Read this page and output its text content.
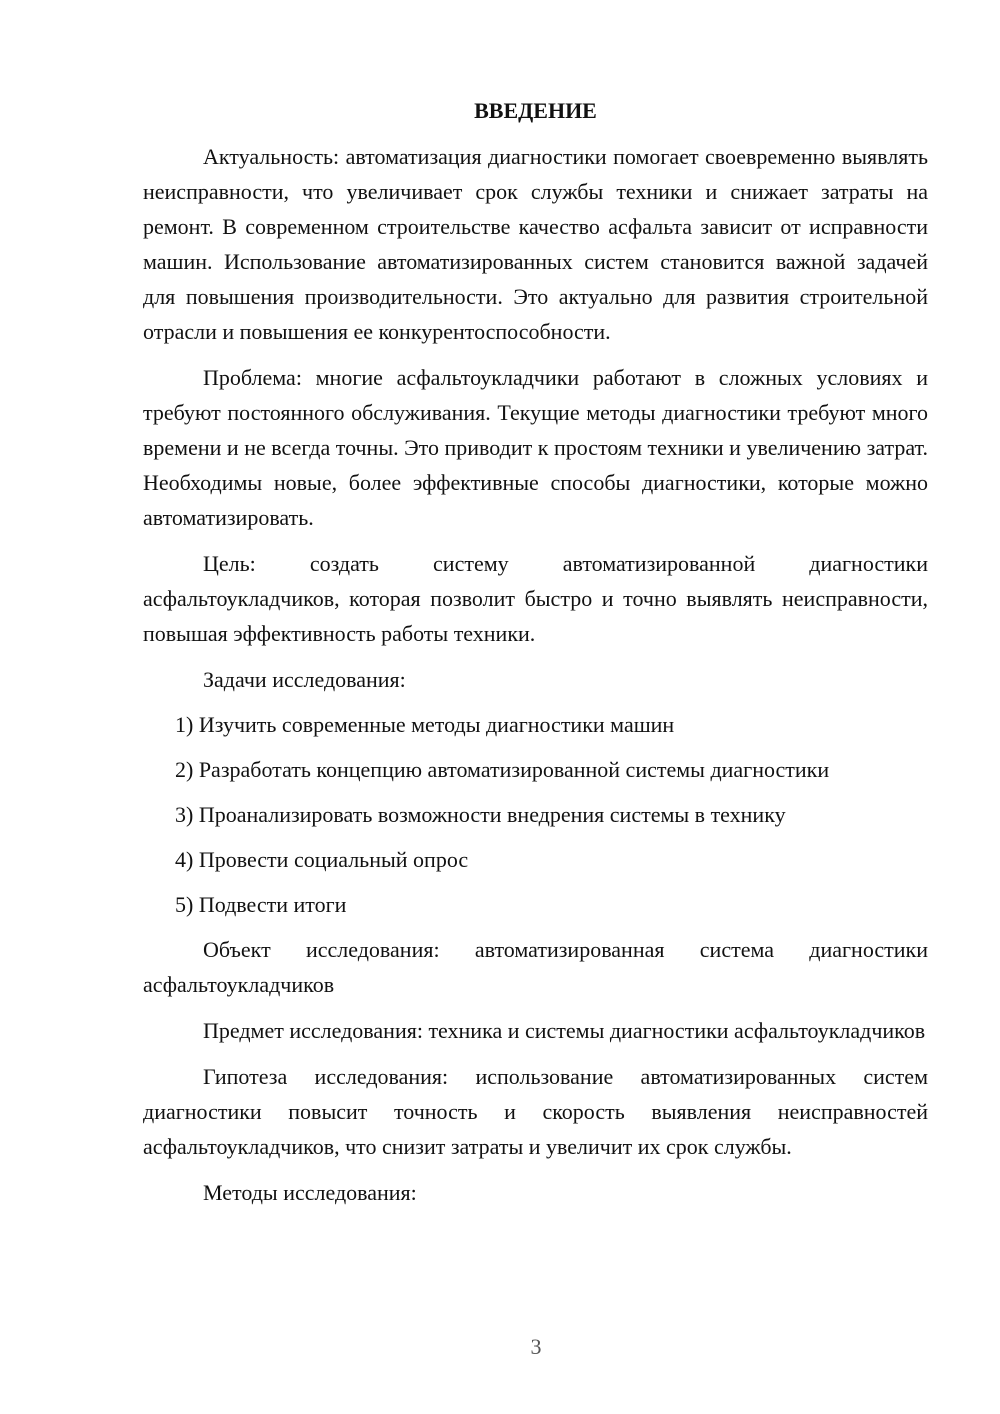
ВВЕДЕНИЕ

Актуальность: автоматизация диагностики помогает своевременно выявлять неисправности, что увеличивает срок службы техники и снижает затраты на ремонт. В современном строительстве качество асфальта зависит от исправности машин. Использование автоматизированных систем становится важной задачей для повышения производительности. Это актуально для развития строительной отрасли и повышения ее конкурентоспособности.

Проблема: многие асфальтоукладчики работают в сложных условиях и требуют постоянного обслуживания. Текущие методы диагностики требуют много времени и не всегда точны. Это приводит к простоям техники и увеличению затрат. Необходимы новые, более эффективные способы диагностики, которые можно автоматизировать.

Цель: создать систему автоматизированной диагностики асфальтоукладчиков, которая позволит быстро и точно выявлять неисправности, повышая эффективность работы техники.

Задачи исследования:

1) Изучить современные методы диагностики машин
2) Разработать концепцию автоматизированной системы диагностики
3) Проанализировать возможности внедрения системы в технику
4) Провести социальный опрос
5) Подвести итоги

Объект исследования: автоматизированная система диагностики асфальтоукладчиков

Предмет исследования: техника и системы диагностики асфальтоукладчиков

Гипотеза исследования: использование автоматизированных систем диагностики повысит точность и скорость выявления неисправностей асфальтоукладчиков, что снизит затраты и увеличит их срок службы.

Методы исследования:

3
